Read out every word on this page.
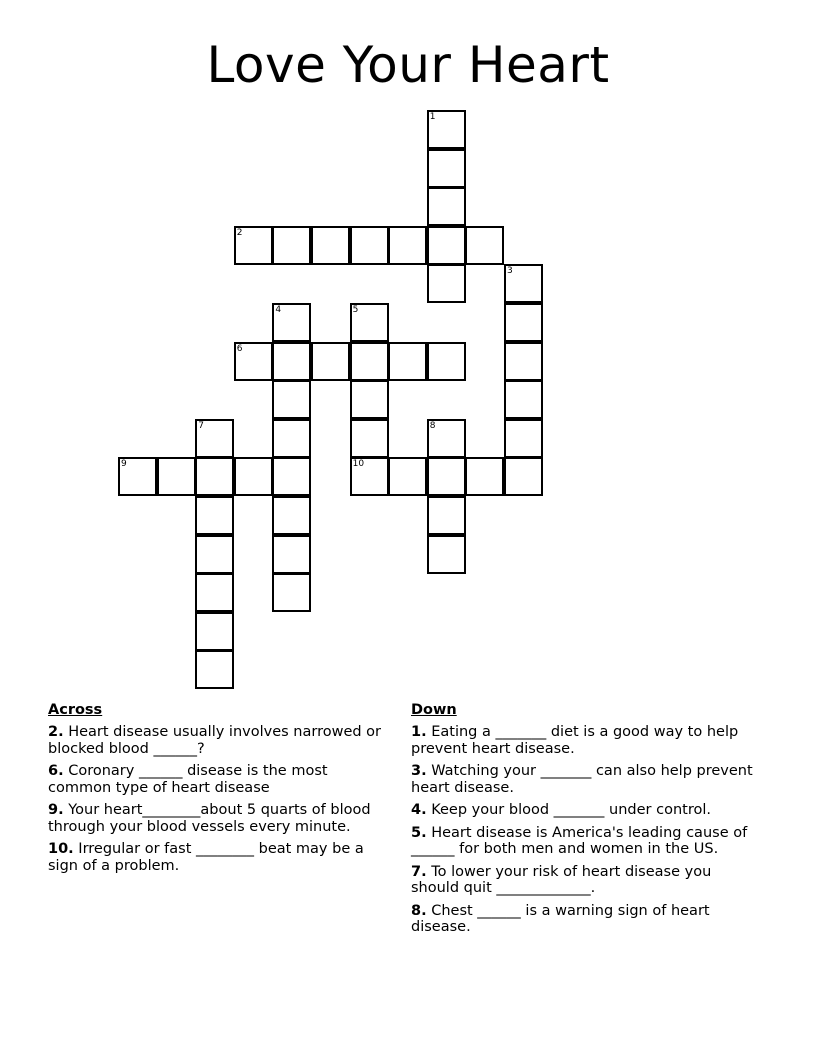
Love Your Heart
1
2
3
4	5
6
7	8
9	10
Across
2. Heart disease usually involves narrowed or blocked blood ______?
6. Coronary ______ disease is the most common type of heart disease
9. Your heart________about 5 quarts of blood through your blood vessels every minute.
10. Irregular or fast ________ beat may be a sign of a problem.
Down
1. Eating a _______ diet is a good way to help prevent heart disease.
3. Watching your _______ can also help prevent heart disease.
4. Keep your blood _______ under control.
5. Heart disease is America's leading cause of ______ for both men and women in the US.
7. To lower your risk of heart disease you should quit _____________.
8. Chest ______ is a warning sign of heart disease.
